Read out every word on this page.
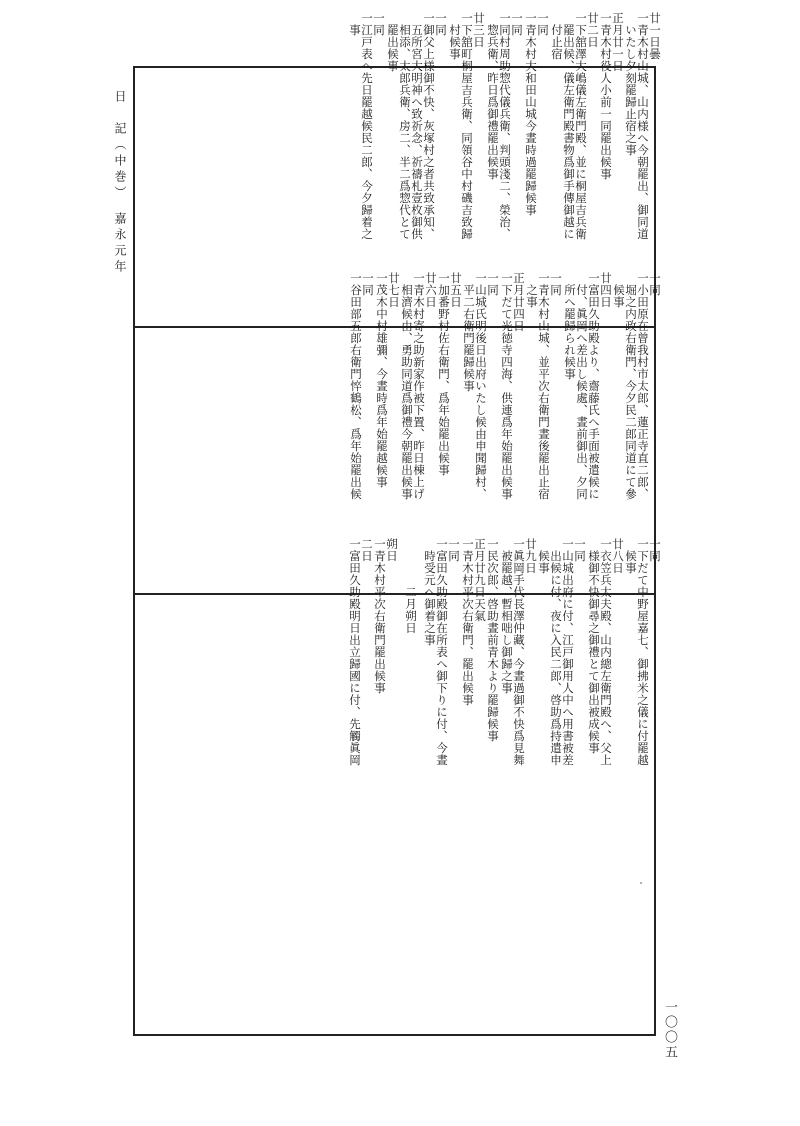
日　記（中巻）　嘉永元年
廿一日曇
一青木村山城、山内様へ今朝罷出、御同道
　いたし夕刻罷歸止宿之事
正月廿一日
一青木村役人小前一同罷出候事
廿二日
一下舘澤大嶋儀左衛門殿、並に桐屋吉兵衛
　罷出候、儀左衛門殿書物爲御手傳御越に
　付止宿
一同
一青木村大和田山城今晝時過罷歸候事
一同
一同村周助惣代儀兵衛、判頭淺二、榮治、
　惣兵衛、昨日爲御禮罷出候事
廿三日
一下舘町桐屋吉兵衛、同領谷中村磯吉致歸
　村候事
一同
一御父上様御不快、灰塚村之者共致承知、
　五所宮大明神へ致祈念、祈禱札壹枚御供
　相添、太郎兵衛、房二、半二爲惣代とて
　罷出候事
一同
一江戸表へ先日罷越候民二郎、今夕歸着之
　事
一同
一小田原在曾我村市太郎、蓮正寺直二郎、
　堀之内政右衛門、今夕民二郎同道にて參
　候事
廿四日
一富田久助殿より、齋藤氏へ手面被遣候に
　付、眞岡へ差出し候處、晝前御出、夕同
　所へ罷歸られ候事
一同
一青木村山城、並平次右衛門晝後罷出止宿
　之事
正月廿四日
一下だて光徳寺四海、供連爲年始罷出候事
一同
一山城氏明後日出府いたし候由申聞歸村、
　平二右衛門罷歸候事
廿五日
一加番野村佐右衛門、爲年始罷出候事
廿六日
一青木村寄之助新家作被下置、昨日棟上げ
　相濟候由、勇助同道爲御禮今朝罷出候事
廿七日
一茂木中村雄彌、今晝時爲年始罷越候事
一同
一谷田部五郎右衛門悴鶴松、爲年始罷出候
一同
一下だて中野屋嘉七、御拂米之儀に付罷越
　候事
廿八日
一衣笠兵太夫殿、山内總左衛門殿へ、父上
　様御不快御尋之御禮とて御出被成候事
一同
一山城出府に付、江戸御用人中へ用書被差
　出候に付、夜に入民二郎、啓助爲持遣申
　候事
廿九日
一眞岡手代長澤仲藏、今晝過御不快爲見舞
　被罷越、暫相咄し御歸之事
一民次郎、啓助晝前青木より罷歸候事
正月廿九日天氣
一青木村平次右衛門、罷出候事
一同
一富田久助殿御在所表へ御下りに付、今晝
　時受元へ御着之事
　　　　二月朔日
朔日
一青木村平次右衛門罷出候事
二日
一富田久助殿明日出立歸國に付、先觸眞岡
一〇〇五
